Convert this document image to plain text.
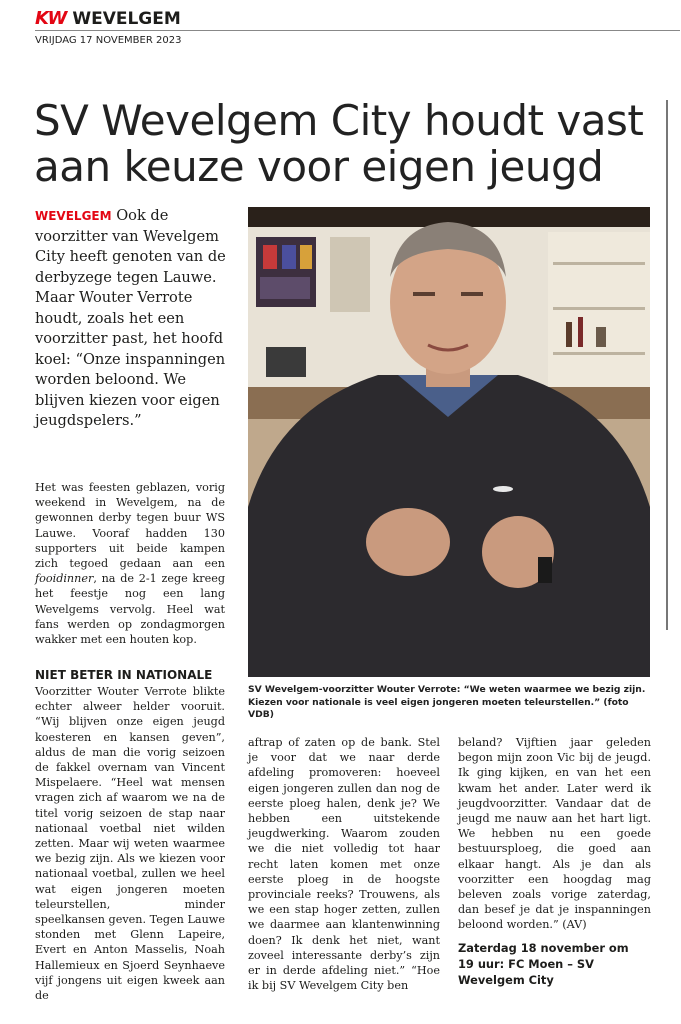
KW WEVELGEM
VRIJDAG 17 NOVEMBER 2023
SV Wevelgem City houdt vast aan keuze voor eigen jeugd

WEVELGEM Ook de voorzitter van Wevelgem City heeft genoten van de derbyzege tegen Lauwe. Maar Wouter Verrote houdt, zoals het een voorzitter past, het hoofd koel: “Onze inspanningen worden beloond. We blijven kiezen voor eigen jeugdspelers.”

Het was feesten geblazen, vorig weekend in Wevelgem, na de gewonnen derby tegen buur WS Lauwe. Vooraf hadden 130 supporters uit beide kampen zich tegoed gedaan aan een fooidinner, na de 2-1 zege kreeg het feestje nog een lang Wevelgems vervolg. Heel wat fans werden op zondagmorgen wakker met een houten kop.

NIET BETER IN NATIONALE

Voorzitter Wouter Verrote blikte echter alweer helder vooruit. “Wij blijven onze eigen jeugd koesteren en kansen geven”, aldus de man die vorig seizoen de fakkel overnam van Vincent Mispelaere. “Heel wat mensen vragen zich af waarom we na de titel vorig seizoen de stap naar nationaal voetbal niet wilden zetten. Maar wij weten waarmee we bezig zijn. Als we kiezen voor nationaal voetbal, zullen we heel wat eigen jongeren moeten teleurstellen, minder speelkansen geven. Tegen Lauwe stonden met Glenn Lapeire, Evert en Anton Masselis, Noah Hallemieux en Sjoerd Seynhaeve vijf jongens uit eigen kweek aan de

SV Wevelgem-voorzitter Wouter Verrote: “We weten waarmee we bezig zijn. Kiezen voor nationale is veel eigen jongeren moeten teleurstellen.” (foto VDB)

aftrap of zaten op de bank. Stel je voor dat we naar derde afdeling promoveren: hoeveel eigen jongeren zullen dan nog de eerste ploeg halen, denk je? We hebben een uitstekende jeugdwerking. Waarom zouden we die niet volledig tot haar recht laten komen met onze eerste ploeg in de hoogste provinciale reeks? Trouwens, als we een stap hoger zetten, zullen we daarmee aan klantenwinning doen? Ik denk het niet, want zoveel interessante derby’s zijn er in derde afdeling niet.” “Hoe ik bij SV Wevelgem City ben

beland? Vijftien jaar geleden begon mijn zoon Vic bij de jeugd. Ik ging kijken, en van het een kwam het ander. Later werd ik jeugdvoorzitter. Vandaar dat de jeugd me nauw aan het hart ligt. We hebben nu een goede bestuursploeg, die goed aan elkaar hangt. Als je dan als voorzitter een hoogdag mag beleven zoals vorige zaterdag, dan besef je dat je inspanningen beloond worden.” (AV)

Zaterdag 18 november om 19 uur: FC Moen – SV Wevelgem City
